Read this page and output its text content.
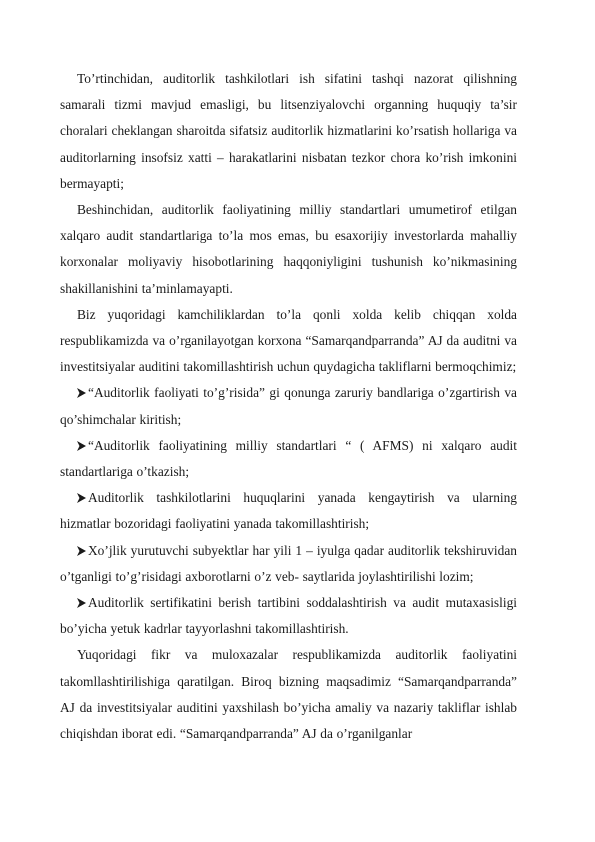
To’rtinchidan, auditorlik tashkilotlari ish sifatini tashqi nazorat qilishning samarali tizmi mavjud emasligi, bu litsenziyalovchi organning huquqiy ta’sir choralari cheklangan sharoitda sifatsiz auditorlik hizmatlarini ko’rsatish hollariga va auditorlarning insofsiz xatti – harakatlarini nisbatan tezkor chora ko’rish imkonini bermayapti;

Beshinchidan, auditorlik faoliyatining milliy standartlari umumetirof etilgan xalqaro audit standartlariga to’la mos emas, bu esaxorijiy investorlarda mahalliy korxonalar moliyaviy hisobotlarining haqqoniyligini tushunish ko’nikmasining shakillanishini ta’minlamayapti.

Biz yuqoridagi kamchiliklardan to’la qonli xolda kelib chiqqan xolda respublikamizda va o’rganilayotgan korxona “Samarqandparranda” AJ da auditni va investitsiyalar auditini takomillashtirish uchun quydagicha takliflarni bermoqchimiz;

“Auditorlik faoliyati to’g’risida” gi qonunga zaruriy bandlariga o’zgartirish va qo’shimchalar kiritish;

“Auditorlik faoliyatining milliy standartlari “ ( AFMS) ni xalqaro audit standartlariga o’tkazish;

Auditorlik tashkilotlarini huquqlarini yanada kengaytirish va ularning hizmatlar bozoridagi faoliyatini yanada takomillashtirish;

Xo’jlik yurutuvchi subyektlar har yili 1 – iyulga qadar auditorlik tekshiruvidan o’tganligi to’g’risidagi axborotlarni o’z veb- saytlarida joylashtirilishi lozim;

Auditorlik sertifikatini berish tartibini soddalashtirish va audit mutaxasisligi bo’yicha yetuk kadrlar tayyorlashni takomillashtirish.

Yuqoridagi fikr va muloxazalar respublikamizda auditorlik faoliyatini takomllashtirilishiga qaratilgan. Biroq bizning maqsadimiz “Samarqandparranda” AJ da investitsiyalar auditini yaxshilash bo’yicha amaliy va nazariy takliflar ishlab chiqishdan iborat edi. “Samarqandparranda” AJ da o’rganilganlar
